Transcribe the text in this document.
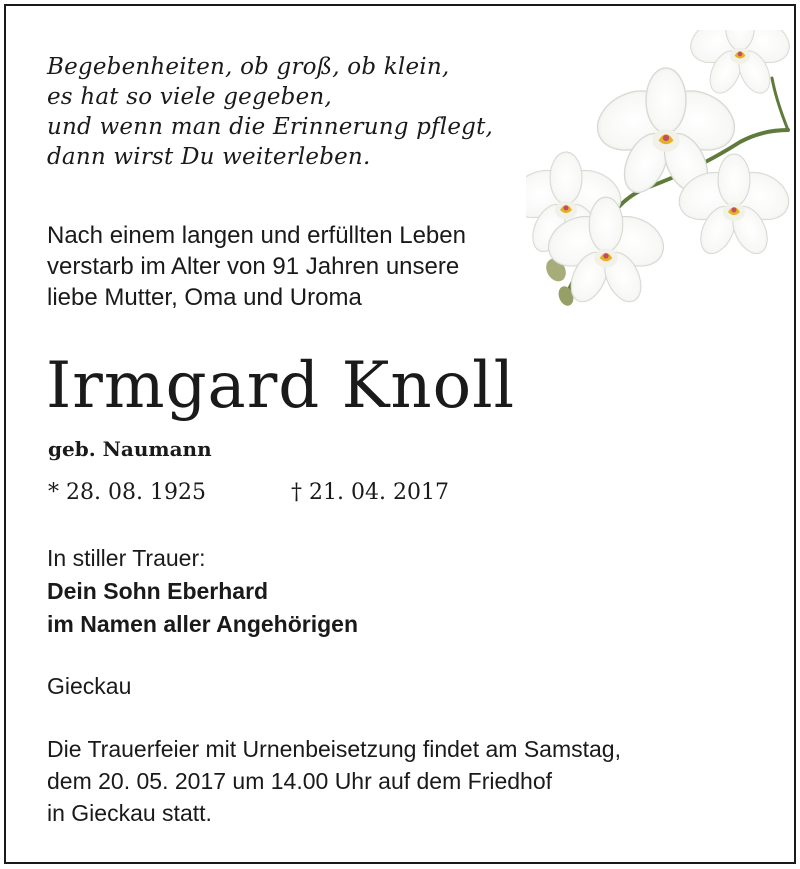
Begebenheiten, ob groß, ob klein,
es hat so viele gegeben,
und wenn man die Erinnerung pflegt,
dann wirst Du weiterleben.
Nach einem langen und erfüllten Leben
verstarb im Alter von 91 Jahren unsere
liebe Mutter, Oma und Uroma
Irmgard Knoll
geb. Naumann
* 28. 08. 1925	† 21. 04. 2017
In stiller Trauer:
Dein Sohn Eberhard
im Namen aller Angehörigen
Gieckau
Die Trauerfeier mit Urnenbeisetzung findet am Samstag,
dem 20. 05. 2017 um 14.00 Uhr auf dem Friedhof
in Gieckau statt.
